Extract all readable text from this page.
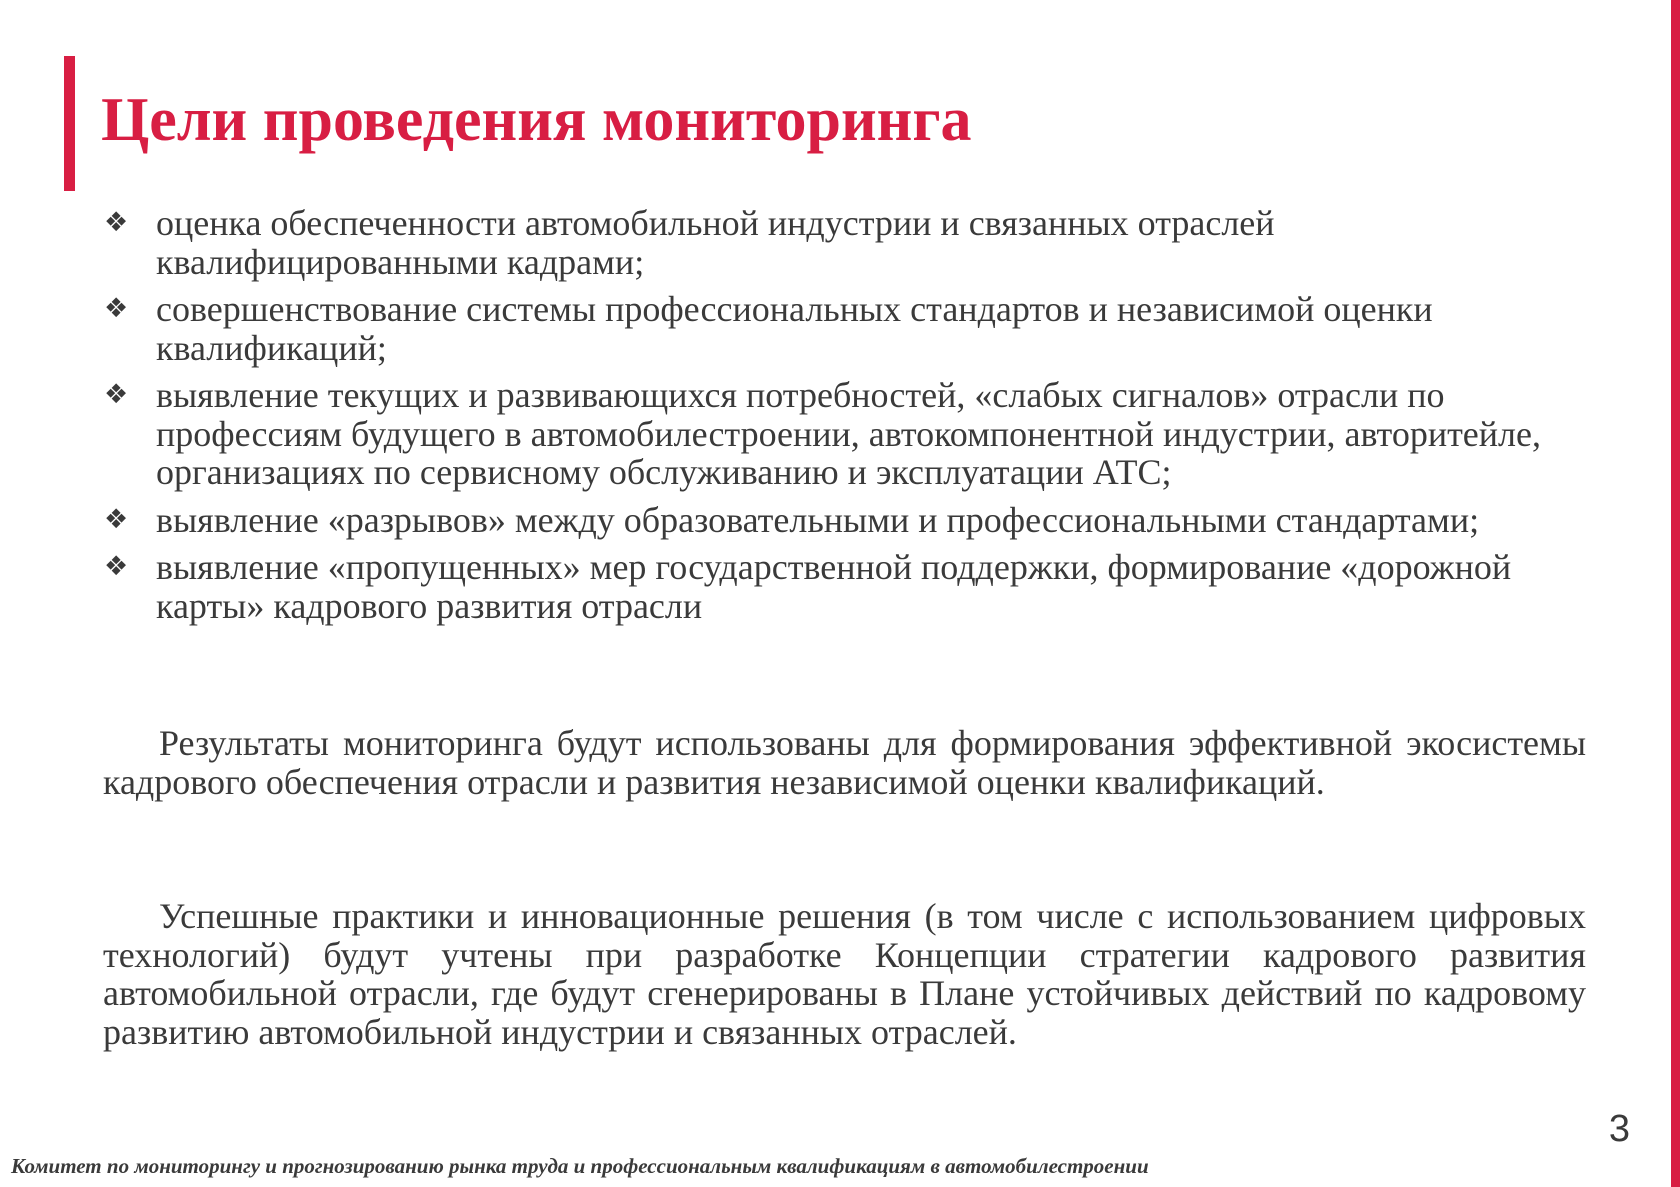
Цели проведения мониторинга
❖ оценка обеспеченности автомобильной индустрии и связанных отраслей квалифицированными кадрами;
❖ совершенствование системы профессиональных стандартов и независимой оценки квалификаций;
❖ выявление текущих и развивающихся потребностей, «слабых сигналов» отрасли по профессиям будущего в автомобилестроении, автокомпонентной индустрии, авторитейле, организациях по сервисному обслуживанию и эксплуатации АТС;
❖ выявление «разрывов» между образовательными и профессиональными стандартами;
❖ выявление «пропущенных» мер государственной поддержки, формирование «дорожной карты» кадрового развития отрасли

Результаты мониторинга будут использованы для формирования эффективной экосистемы кадрового обеспечения отрасли и развития независимой оценки квалификаций.

Успешные практики и инновационные решения (в том числе с использованием цифровых технологий) будут учтены при разработке Концепции стратегии кадрового развития автомобильной отрасли, где будут сгенерированы в Плане устойчивых действий по кадровому развитию автомобильной индустрии и связанных отраслей.

3
Комитет по мониторингу и прогнозированию рынка труда и профессиональным квалификациям в автомобилестроении
